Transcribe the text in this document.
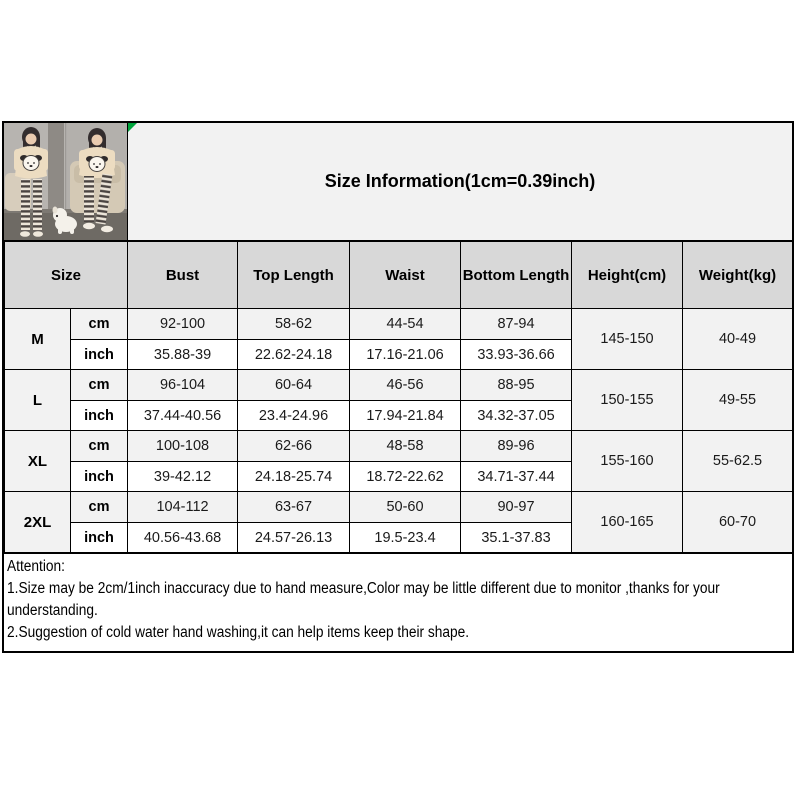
Size Information(1cm=0.39inch)
Size		Bust	Top Length	Waist	Bottom Length	Height(cm)	Weight(kg)
M	cm	92-100	58-62	44-54	87-94	145-150	40-49
	inch	35.88-39	22.62-24.18	17.16-21.06	33.93-36.66		
L	cm	96-104	60-64	46-56	88-95	150-155	49-55
	inch	37.44-40.56	23.4-24.96	17.94-21.84	34.32-37.05		
XL	cm	100-108	62-66	48-58	89-96	155-160	55-62.5
	inch	39-42.12	24.18-25.74	18.72-22.62	34.71-37.44		
2XL	cm	104-112	63-67	50-60	90-97	160-165	60-70
	inch	40.56-43.68	24.57-26.13	19.5-23.4	35.1-37.83		
Attention:
1.Size may be 2cm/1inch inaccuracy due to hand measure,Color may be little different due to monitor ,thanks for your understanding.
2.Suggestion of cold water hand washing,it can help items keep their shape.
